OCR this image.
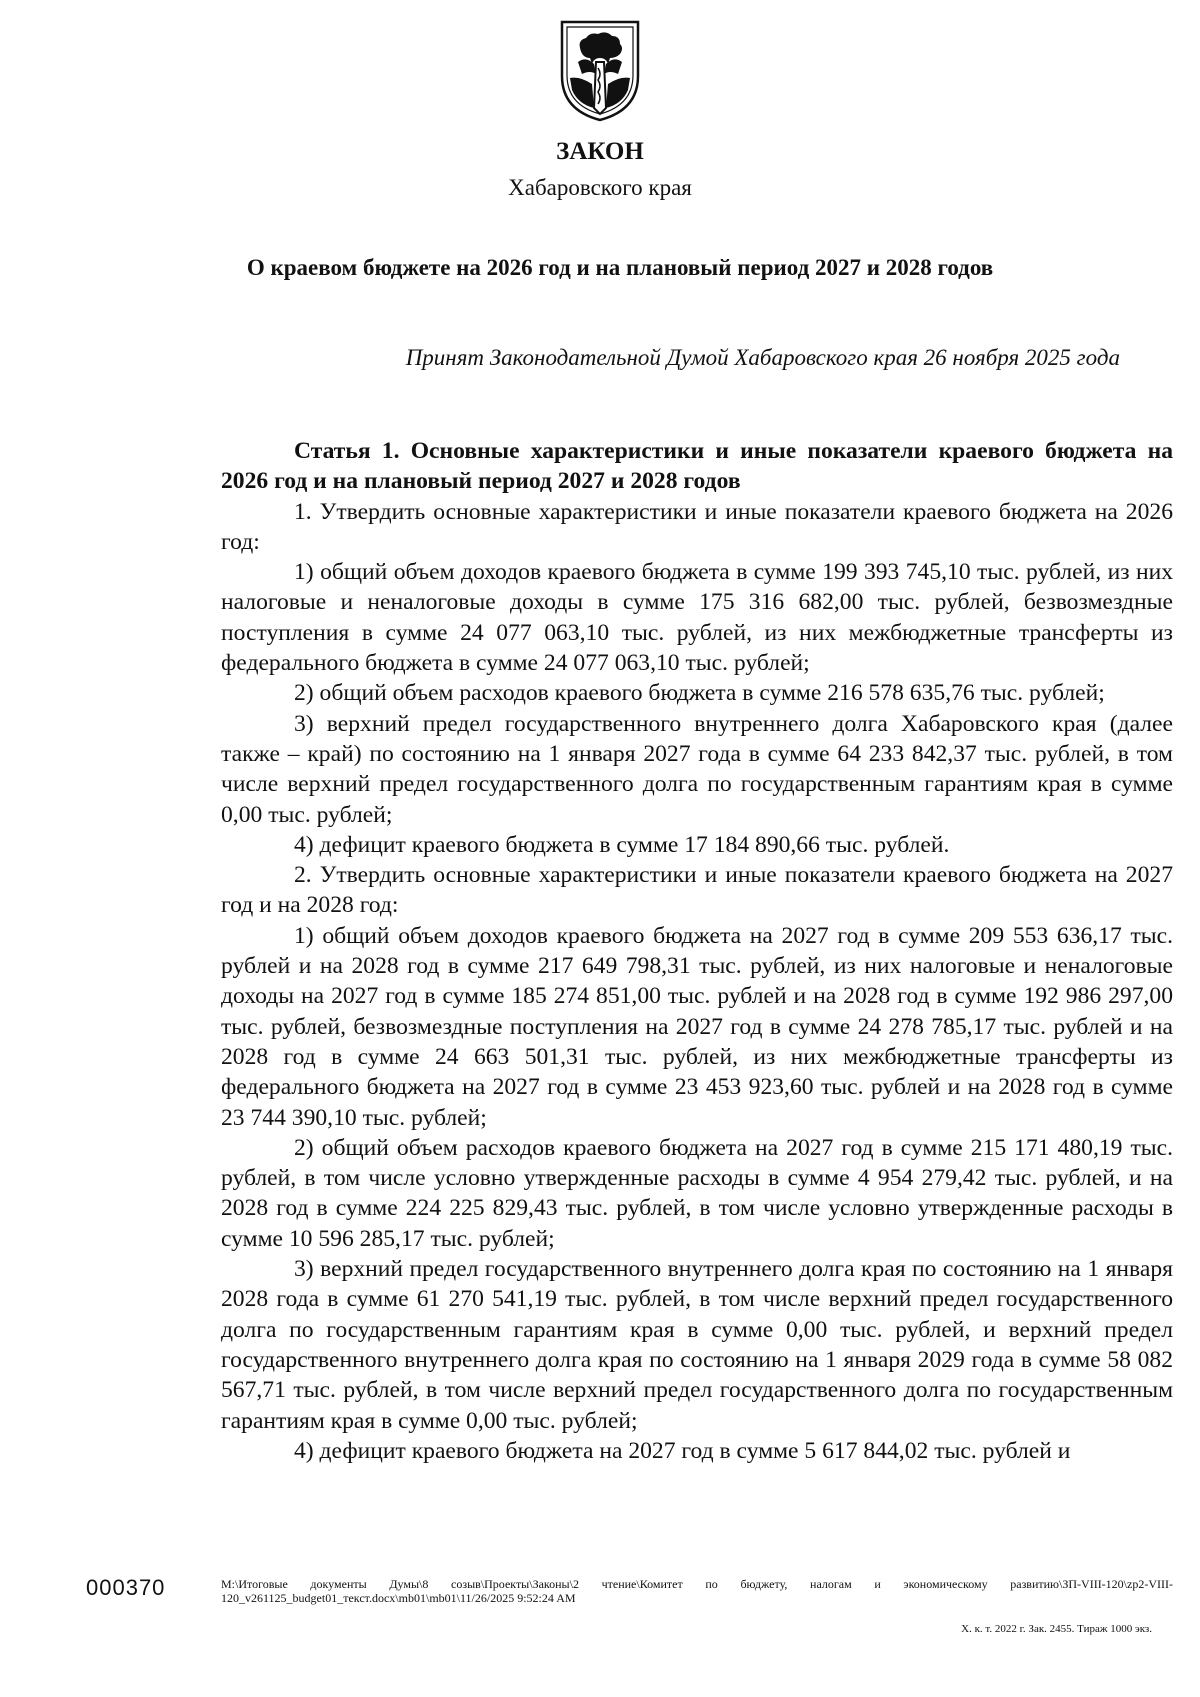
ЗАКОН
Хабаровского края
О краевом бюджете на 2026 год и на плановый период 2027 и 2028 годов
Принят Законодательной Думой Хабаровского края 26 ноября 2025 года

Статья 1. Основные характеристики и иные показатели краевого бюджета на 2026 год и на плановый период 2027 и 2028 годов

1. Утвердить основные характеристики и иные показатели краевого бюджета на 2026 год:

1) общий объем доходов краевого бюджета в сумме 199 393 745,10 тыс. рублей, из них налоговые и неналоговые доходы в сумме 175 316 682,00 тыс. рублей, безвозмездные поступления в сумме 24 077 063,10 тыс. рублей, из них межбюджетные трансферты из федерального бюджета в сумме 24 077 063,10 тыс. рублей;

2) общий объем расходов краевого бюджета в сумме 216 578 635,76 тыс. рублей;

3) верхний предел государственного внутреннего долга Хабаровского края (далее также – край) по состоянию на 1 января 2027 года в сумме 64 233 842,37 тыс. рублей, в том числе верхний предел государственного долга по государственным гарантиям края в сумме 0,00 тыс. рублей;

4) дефицит краевого бюджета в сумме 17 184 890,66 тыс. рублей.

2. Утвердить основные характеристики и иные показатели краевого бюджета на 2027 год и на 2028 год:

1) общий объем доходов краевого бюджета на 2027 год в сумме 209 553 636,17 тыс. рублей и на 2028 год в сумме 217 649 798,31 тыс. рублей, из них налоговые и неналоговые доходы на 2027 год в сумме 185 274 851,00 тыс. рублей и на 2028 год в сумме 192 986 297,00 тыс. рублей, безвозмездные поступления на 2027 год в сумме 24 278 785,17 тыс. рублей и на 2028 год в сумме 24 663 501,31 тыс. рублей, из них межбюджетные трансферты из федерального бюджета на 2027 год в сумме 23 453 923,60 тыс. рублей и на 2028 год в сумме 23 744 390,10 тыс. рублей;

2) общий объем расходов краевого бюджета на 2027 год в сумме 215 171 480,19 тыс. рублей, в том числе условно утвержденные расходы в сумме 4 954 279,42 тыс. рублей, и на 2028 год в сумме 224 225 829,43 тыс. рублей, в том числе условно утвержденные расходы в сумме 10 596 285,17 тыс. рублей;

3) верхний предел государственного внутреннего долга края по состоянию на 1 января 2028 года в сумме 61 270 541,19 тыс. рублей, в том числе верхний предел государственного долга по государственным гарантиям края в сумме 0,00 тыс. рублей, и верхний предел государственного внутреннего долга края по состоянию на 1 января 2029 года в сумме 58 082 567,71 тыс. рублей, в том числе верхний предел государственного долга по государственным гарантиям края в сумме 0,00 тыс. рублей;

4) дефицит краевого бюджета на 2027 год в сумме 5 617 844,02 тыс. рублей и

000370	М:\Итоговые документы Думы\8 созыв\Проекты\Законы\2 чтение\Комитет по бюджету, налогам и экономическому развитию\ЗП-VIII-120\zp2-VIII-120_v261125_budget01_текст.docx\mb01\mb01\11/26/2025 9:52:24 AM
Х. к. т. 2022 г. Зак. 2455. Тираж 1000 экз.
